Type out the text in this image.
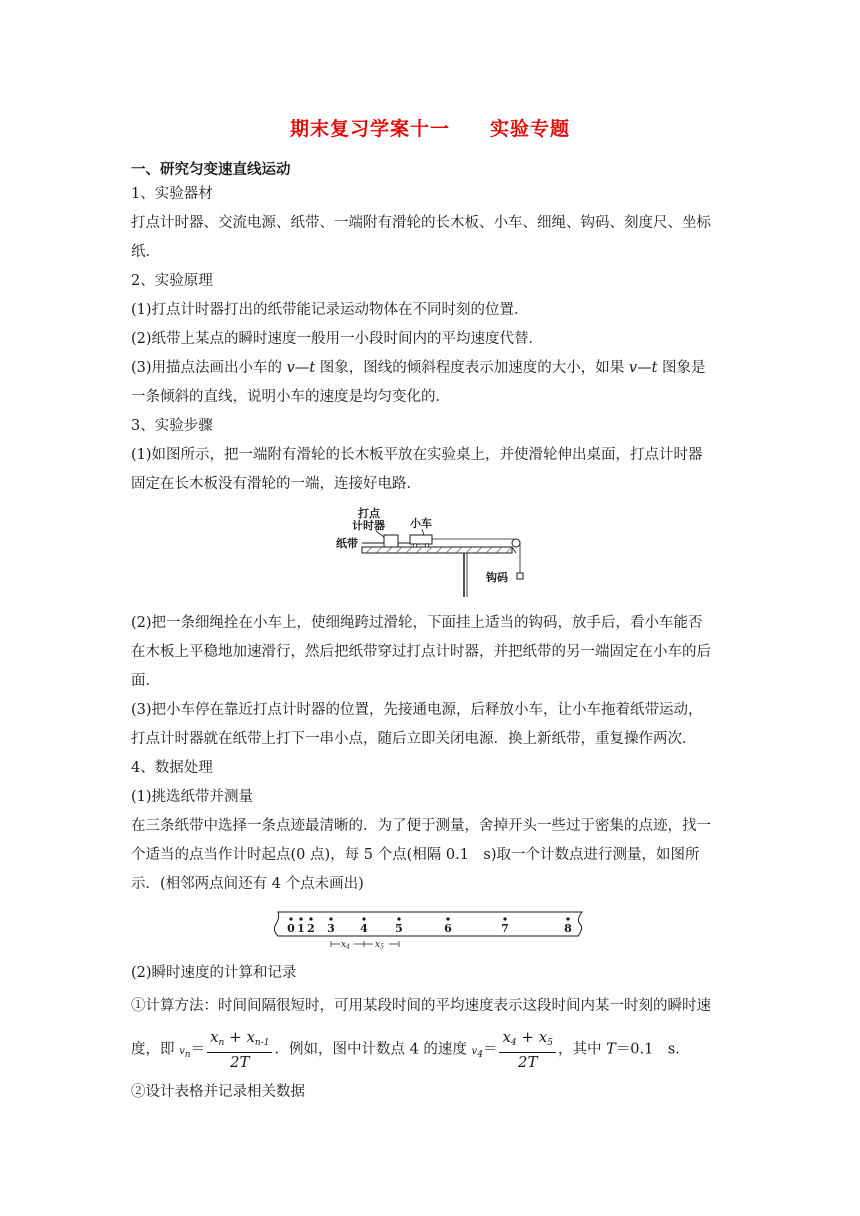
期末复习学案十一　　实验专题
一、研究匀变速直线运动
1、实验器材
打点计时器、交流电源、纸带、一端附有滑轮的长木板、小车、细绳、钩码、刻度尺、坐标
纸．
2、实验原理
(1)打点计时器打出的纸带能记录运动物体在不同时刻的位置．
(2)纸带上某点的瞬时速度一般用一小段时间内的平均速度代替．
(3)用描点法画出小车的 v—t 图象，图线的倾斜程度表示加速度的大小，如果 v—t 图象是
一条倾斜的直线，说明小车的速度是均匀变化的．
3、实验步骤
(1)如图所示，把一端附有滑轮的长木板平放在实验桌上，并使滑轮伸出桌面，打点计时器
固定在长木板没有滑轮的一端，连接好电路．
打点
计时器 小车
纸带
钩码
(2)把一条细绳拴在小车上，使细绳跨过滑轮，下面挂上适当的钩码，放手后，看小车能否
在木板上平稳地加速滑行，然后把纸带穿过打点计时器，并把纸带的另一端固定在小车的后
面．
(3)把小车停在靠近打点计时器的位置，先接通电源，后释放小车，让小车拖着纸带运动，
打点计时器就在纸带上打下一串小点，随后立即关闭电源．换上新纸带，重复操作两次．
4、数据处理
(1)挑选纸带并测量
在三条纸带中选择一条点迹最清晰的．为了便于测量，舍掉开头一些过于密集的点迹，找一
个适当的点当作计时起点(0 点)，每 5 个点(相隔 0.1　s)取一个计数点进行测量，如图所
示．(相邻两点间还有 4 个点未画出)
0 1 2 3 4 5	6	7	8
x4	x5
(2)瞬时速度的计算和记录
①计算方法：时间间隔很短时，可用某段时间的平均速度表示这段时间内某一时刻的瞬时速
度，即 $vn= \frac{x_n + x_{n-1}}{2T}$ ．例如，图中计数点 4 的速度 $v4= \frac{x_4 + x_5}{2T}$ ，其中 T＝0.1　s．
②设计表格并记录相关数据
